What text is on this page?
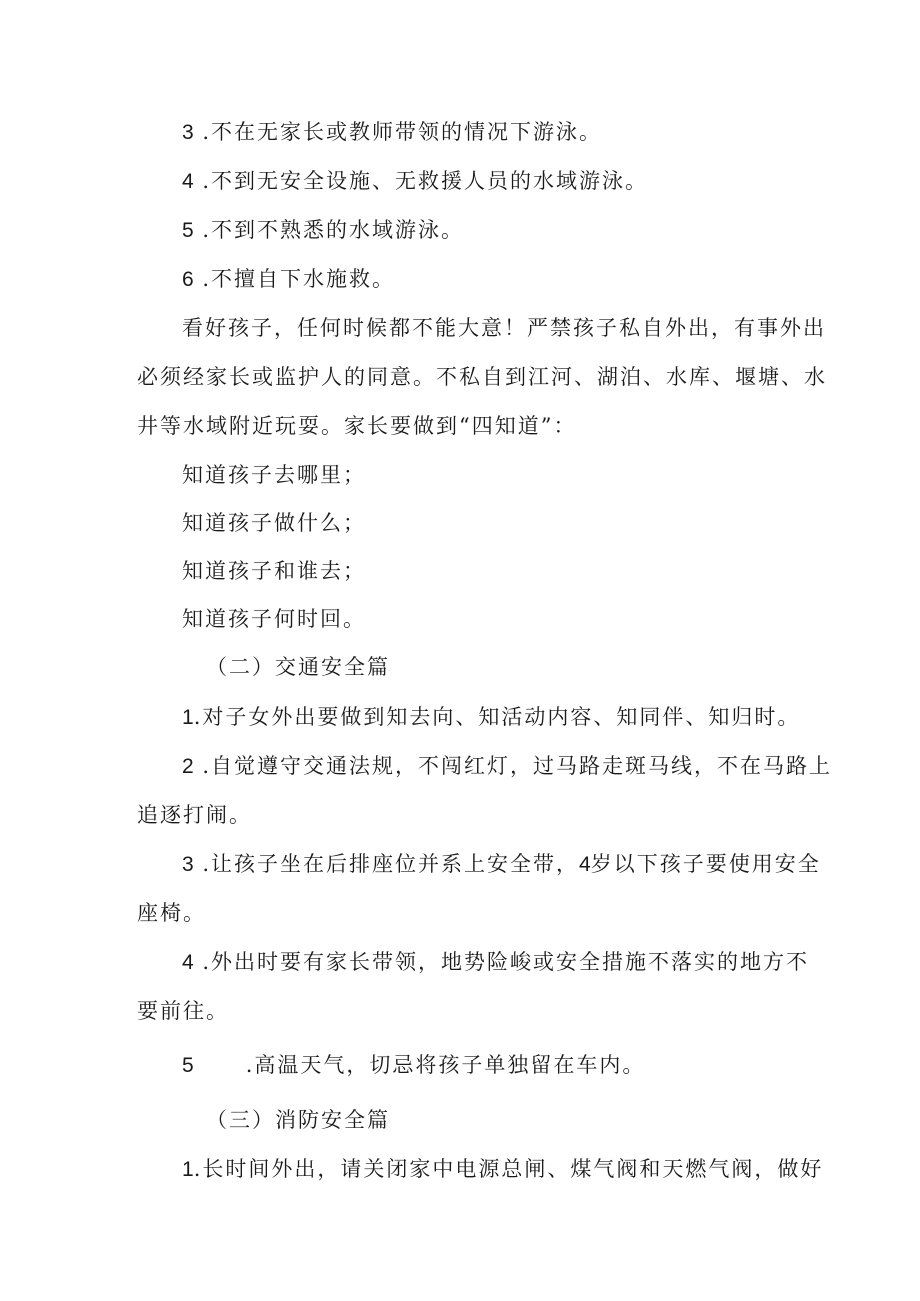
3 .不在无家长或教师带领的情况下游泳。
4 .不到无安全设施、无救援人员的水域游泳。
5 .不到不熟悉的水域游泳。
6 .不擅自下水施救。
看好孩子，任何时候都不能大意！严禁孩子私自外出，有事外出
必须经家长或监护人的同意。不私自到江河、湖泊、水库、堰塘、水
井等水域附近玩耍。家长要做到“四知道”：
知道孩子去哪里；
知道孩子做什么；
知道孩子和谁去；
知道孩子何时回。
（二）交通安全篇
1.对子女外出要做到知去向、知活动内容、知同伴、知归时。
2 .自觉遵守交通法规，不闯红灯，过马路走斑马线，不在马路上
追逐打闹。
3 .让孩子坐在后排座位并系上安全带，4岁以下孩子要使用安全
座椅。
4 .外出时要有家长带领，地势险峻或安全措施不落实的地方不
要前往。
5 .高温天气，切忌将孩子单独留在车内。
（三）消防安全篇
1.长时间外出，请关闭家中电源总闸、煤气阀和天燃气阀，做好
